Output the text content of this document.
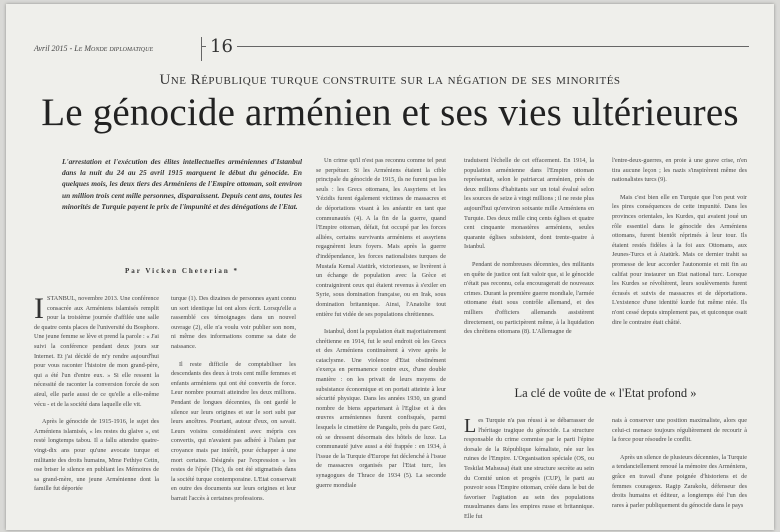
Avril 2015 - Le Monde diplomatique	16
Une République turque construite sur la négation de ses minorités
Le génocide arménien et ses vies ultérieures
L'arrestation et l'exécution des élites intellectuelles arméniennes d'Istanbul dans la nuit du 24 au 25 avril 1915 marquent le début du génocide. En quelques mois, les deux tiers des Arméniens de l'Empire ottoman, soit environ un million trois cent mille personnes, disparaissent. Depuis cent ans, toutes les minorités de Turquie payent le prix de l'impunité et des dénégations de l'Etat.
Par Vicken Cheterian *

ISTANBUL, novembre 2013. Une conférence consacrée aux Arméniens islamisés remplit pour la troisième journée d'affilée une salle de quatre cents places de l'université du Bosphore. Une jeune femme se lève et prend la parole : « J'ai suivi la conférence pendant deux jours sur Internet. Et j'ai décidé de m'y rendre aujourd'hui pour vous raconter l'histoire de mon grand-père, qui a été l'un d'entre eux. » Si elle ressent la nécessité de raconter la conversion forcée de son aïeul, elle parle aussi de ce qu'elle a elle-même vécu - et de la société dans laquelle elle vit.

Après le génocide de 1915-1916, le sujet des Arméniens islamisés, « les restes du glaive », est resté longtemps tabou. Il a fallu attendre quatre-vingt-dix ans pour qu'une avocate turque et militante des droits humains, Mme Fethiye Cetin, ose briser le silence en publiant les Mémoires de sa grand-mère, une jeune Arménienne dont la famille fut déportée

turque (1). Des dizaines de personnes ayant connu un sort identique lui ont alors écrit. Lorsqu'elle a rassemblé ces témoignages dans un nouvel ouvrage (2), elle n'a voulu voir publier son nom, ni même des informations comme sa date de naissance.

Il reste difficile de comptabiliser les descendants des deux à trois cent mille femmes et enfants arméniens qui ont été convertis de force. Leur nombre pourrait atteindre les deux millions. Pendant de longues décennies, ils ont gardé le silence sur leurs origines et sur le sort subi par leurs ancêtres. Pourtant, autour d'eux, on savait. Leurs voisins considéraient avec mépris ces convertis, qui n'avaient pas adhéré à l'islam par croyance mais par intérêt, pour échapper à une mort certaine. Désignés par l'expression « les restes de l'épée (Tic), ils ont été stigmatisés dans la société turque contemporaine. L'Etat conservait en outre des documents sur leurs origines et leur barrait l'accès à certaines professions.

Un crime qu'il n'est pas reconnu comme tel peut se perpétuer. Si les Arméniens étaient la cible principale du génocide de 1915, ils ne furent pas les seuls : les Grecs ottomans, les Assyriens et les Yézidis furent également victimes de massacres et de déportations visant à les anéantir en tant que communautés (4). A la fin de la guerre, quand l'Empire ottoman, défait, fut occupé par les forces alliées, certains survivants arméniens et assyriens regagnèrent leurs foyers. Mais après la guerre d'indépendance, les forces nationalistes turques de Mustafa Kemal Atatürk, victorieuses, se livrèrent à un échange de population avec la Grèce et contraignirent ceux qui étaient revenus à s'exiler en Syrie, sous domination française, ou en Irak, sous domination britannique. Ainsi, l'Anatolie tout entière fut vidée de ses populations chrétiennes.

Istanbul, dont la population était majoritairement chrétienne en 1914, fut le seul endroit où les Grecs et des Arméniens continuèrent à vivre après le cataclysme. Une violence d'Etat obstinément s'exerça en permanence contre eux, d'une double manière : on les privait de leurs moyens de subsistance économique et on portait atteinte à leur sécurité physique. Dans les années 1930, un grand nombre de biens appartenant à l'Eglise et à des œuvres arméniennes furent confisqués, parmi lesquels le cimetière de Pangaltı, près du parc Gezi, où se dressent désormais des hôtels de luxe. La communauté juive aussi a été frappée : en 1934, à l'issue de la Turquie d'Europe fut déclenché à l'issue de massacres organisés par l'Etat turc, les synagogues de Thrace de 1934 (5). La seconde guerre mondiale

traduisent l'échelle de cet effacement. En 1914, la population arménienne dans l'Empire ottoman représentait, selon le patriarcat arménien, près de deux millions d'habitants sur un total évalué selon les sources de seize à vingt millions ; il ne reste plus aujourd'hui qu'environ soixante mille Arméniens en Turquie. Des deux mille cinq cents églises et quatre cent cinquante monastères arméniens, seules quarante églises subsistent, dont trente-quatre à Istanbul.

Pendant de nombreuses décennies, des militants en quête de justice ont fait valoir que, si le génocide n'était pas reconnu, cela encouragerait de nouveaux crimes. Durant la première guerre mondiale, l'armée ottomane était sous contrôle allemand, et des milliers d'officiers allemands assistèrent directement, ou participèrent même, à la liquidation des chrétiens ottomans (8). L'Allemagne de

l'entre-deux-guerres, en proie à une grave crise, n'en tira aucune leçon ; les nazis s'inspirèrent même des nationalistes turcs (9).

Mais c'est bien elle en Turquie que l'on peut voir les pires conséquences de cette impunité. Dans les provinces orientales, les Kurdes, qui avaient joué un rôle essentiel dans le génocide des Arméniens ottomans, furent bientôt réprimés à leur tour. Ils étaient restés fidèles à la foi aux Ottomans, aux Jeunes-Turcs et à Atatürk. Mais ce dernier trahit sa promesse de leur accorder l'autonomie et mit fin au califat pour instaurer un Etat national turc. Lorsque les Kurdes se révoltèrent, leurs soulèvements furent écrasés et suivis de massacres et de déportations. L'existence d'une identité kurde fut même niée. Ils n'ont cessé depuis simplement pas, et quiconque osait dire le contraire était châtié.

La clé de voûte de « l'Etat profond »

Les Turquie n'a pas réussi à se débarrasser de l'héritage tragique du génocide. La structure responsable du crime commise par le parti l'épine dorsale de la République kémaliste, née sur les ruines de l'Empire. L'Organisation spéciale (OS, ou Teskilat Mahsusa) était une structure secrète au sein du Comité union et progrès (CUP), le parti au pouvoir sous l'Empire ottoman, créée dans le but de favoriser l'agitation au sein des populations musulmanes dans les empires russe et britannique. Elle fut

nais à conserver une position maximaliste, alors que celui-ci menace toujours régulièrement de recourir à la force pour résoudre le conflit.

Après un silence de plusieurs décennies, la Turquie a tendanciellement renoué la mémoire des Arméniens, grâce en travail d'une poignée d'historiens et de femmes courageux. Ragip Zarakolu, défenseur des droits humains et éditeur, a longtemps été l'un des rares à parler publiquement du génocide dans le pays
